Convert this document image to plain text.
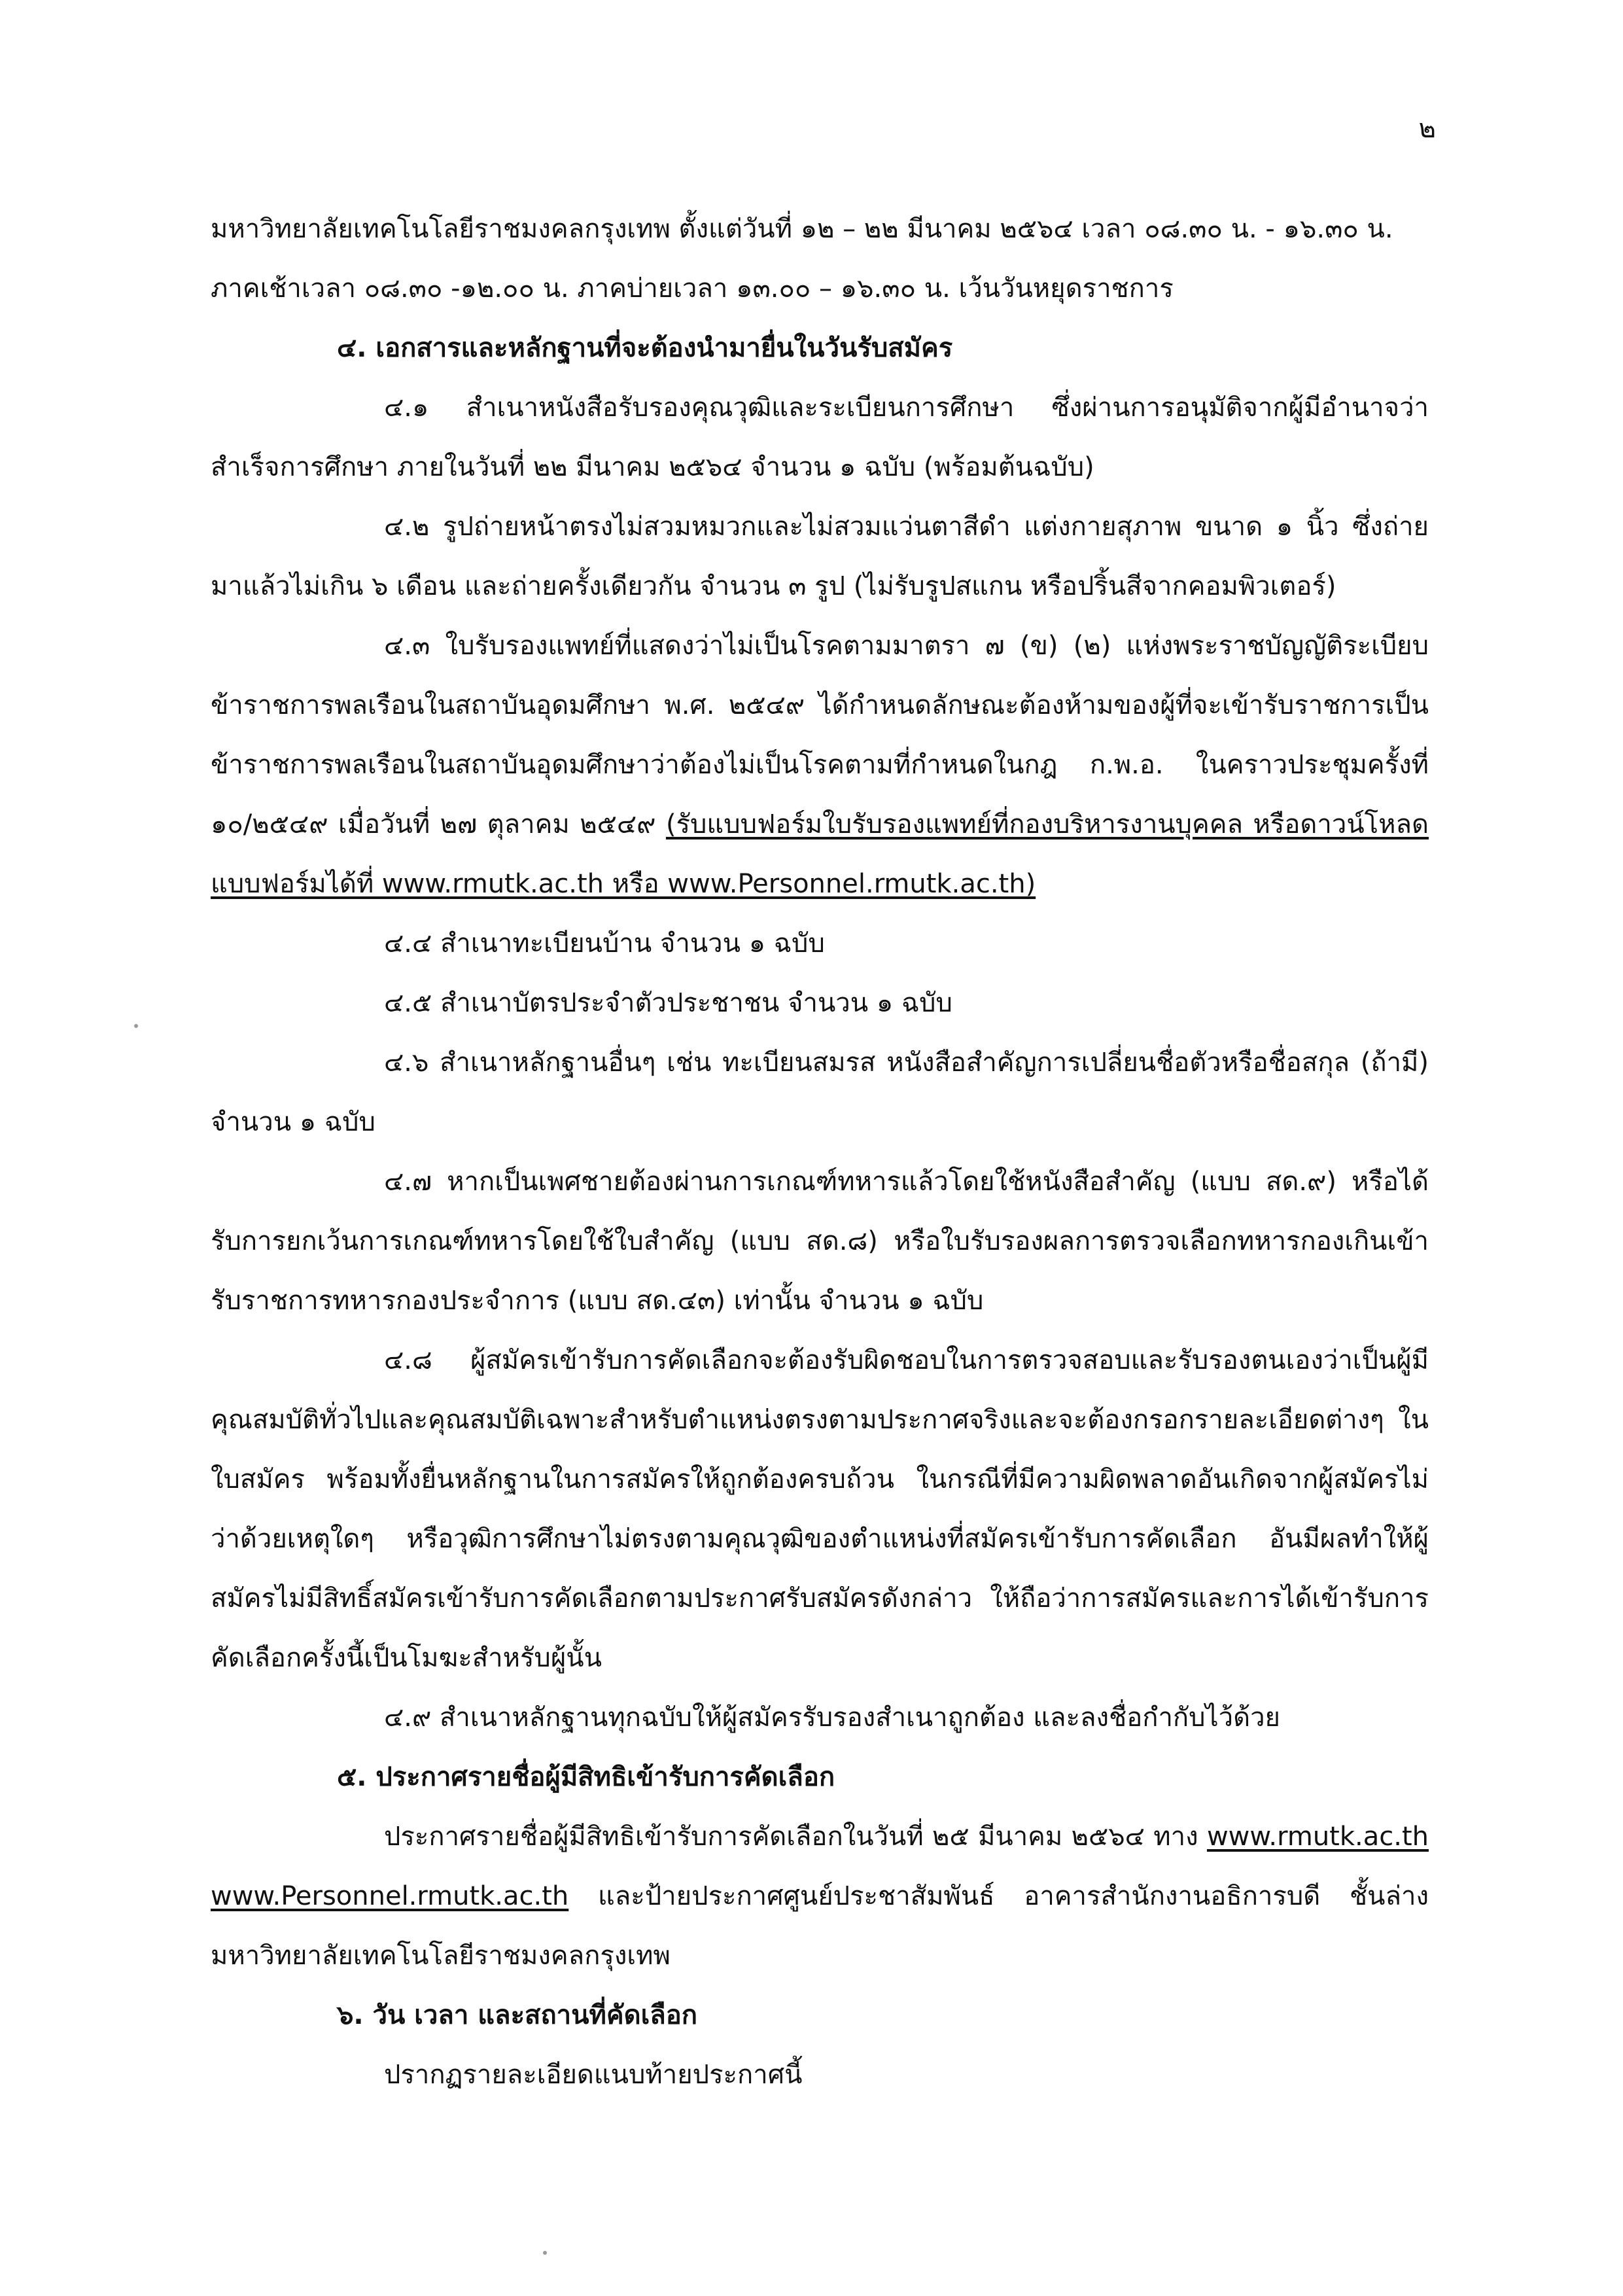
๒

มหาวิทยาลัยเทคโนโลยีราชมงคลกรุงเทพ ตั้งแต่วันที่ ๑๒ – ๒๒ มีนาคม ๒๕๖๔ เวลา ๐๘.๓๐ น. - ๑๖.๓๐ น.

ภาคเช้าเวลา ๐๘.๓๐ -๑๒.๐๐ น. ภาคบ่ายเวลา ๑๓.๐๐ – ๑๖.๓๐ น. เว้นวันหยุดราชการ

๔. เอกสารและหลักฐานที่จะต้องนำมายื่นในวันรับสมัคร

๔.๑ สำเนาหนังสือรับรองคุณวุฒิและระเบียนการศึกษา ซึ่งผ่านการอนุมัติจากผู้มีอำนาจว่าสำเร็จการศึกษา ภายในวันที่ ๒๒ มีนาคม ๒๕๖๔ จำนวน ๑ ฉบับ (พร้อมต้นฉบับ)

๔.๒ รูปถ่ายหน้าตรงไม่สวมหมวกและไม่สวมแว่นตาสีดำ แต่งกายสุภาพ ขนาด ๑ นิ้ว ซึ่งถ่ายมาแล้วไม่เกิน ๖ เดือน และถ่ายครั้งเดียวกัน จำนวน ๓ รูป (ไม่รับรูปสแกน หรือปริ้นสีจากคอมพิวเตอร์)

๔.๓ ใบรับรองแพทย์ที่แสดงว่าไม่เป็นโรคตามมาตรา ๗ (ข) (๒) แห่งพระราชบัญญัติระเบียบข้าราชการพลเรือนในสถาบันอุดมศึกษา พ.ศ. ๒๕๔๙ ได้กำหนดลักษณะต้องห้ามของผู้ที่จะเข้ารับราชการเป็นข้าราชการพลเรือนในสถาบันอุดมศึกษาว่าต้องไม่เป็นโรคตามที่กำหนดในกฎ ก.พ.อ. ในคราวประชุมครั้งที่ ๑๐/๒๕๔๙ เมื่อวันที่ ๒๗ ตุลาคม ๒๕๔๙ (รับแบบฟอร์มใบรับรองแพทย์ที่กองบริหารงานบุคคล หรือดาวน์โหลดแบบฟอร์มได้ที่ www.rmutk.ac.th หรือ www.Personnel.rmutk.ac.th)

๔.๔ สำเนาทะเบียนบ้าน จำนวน ๑ ฉบับ

๔.๕ สำเนาบัตรประจำตัวประชาชน จำนวน ๑ ฉบับ

๔.๖ สำเนาหลักฐานอื่นๆ เช่น ทะเบียนสมรส หนังสือสำคัญการเปลี่ยนชื่อตัวหรือชื่อสกุล (ถ้ามี) จำนวน ๑ ฉบับ

๔.๗ หากเป็นเพศชายต้องผ่านการเกณฑ์ทหารแล้วโดยใช้หนังสือสำคัญ (แบบ สด.๙) หรือได้รับการยกเว้นการเกณฑ์ทหารโดยใช้ใบสำคัญ (แบบ สด.๘) หรือใบรับรองผลการตรวจเลือกทหารกองเกินเข้ารับราชการทหารกองประจำการ (แบบ สด.๔๓) เท่านั้น จำนวน ๑ ฉบับ

๔.๘ ผู้สมัครเข้ารับการคัดเลือกจะต้องรับผิดชอบในการตรวจสอบและรับรองตนเองว่าเป็นผู้มีคุณสมบัติทั่วไปและคุณสมบัติเฉพาะสำหรับตำแหน่งตรงตามประกาศจริงและจะต้องกรอกรายละเอียดต่างๆ ในใบสมัคร พร้อมทั้งยื่นหลักฐานในการสมัครให้ถูกต้องครบถ้วน ในกรณีที่มีความผิดพลาดอันเกิดจากผู้สมัครไม่ว่าด้วยเหตุใดๆ หรือวุฒิการศึกษาไม่ตรงตามคุณวุฒิของตำแหน่งที่สมัครเข้ารับการคัดเลือก อันมีผลทำให้ผู้สมัครไม่มีสิทธิ์สมัครเข้ารับการคัดเลือกตามประกาศรับสมัครดังกล่าว ให้ถือว่าการสมัครและการได้เข้ารับการคัดเลือกครั้งนี้เป็นโมฆะสำหรับผู้นั้น

๔.๙ สำเนาหลักฐานทุกฉบับให้ผู้สมัครรับรองสำเนาถูกต้อง และลงชื่อกำกับไว้ด้วย

๕. ประกาศรายชื่อผู้มีสิทธิเข้ารับการคัดเลือก

ประกาศรายชื่อผู้มีสิทธิเข้ารับการคัดเลือกในวันที่ ๒๕ มีนาคม ๒๕๖๔ ทาง www.rmutk.ac.th www.Personnel.rmutk.ac.th และป้ายประกาศศูนย์ประชาสัมพันธ์ อาคารสำนักงานอธิการบดี ชั้นล่าง มหาวิทยาลัยเทคโนโลยีราชมงคลกรุงเทพ

๖. วัน เวลา และสถานที่คัดเลือก

ปรากฏรายละเอียดแนบท้ายประกาศนี้
